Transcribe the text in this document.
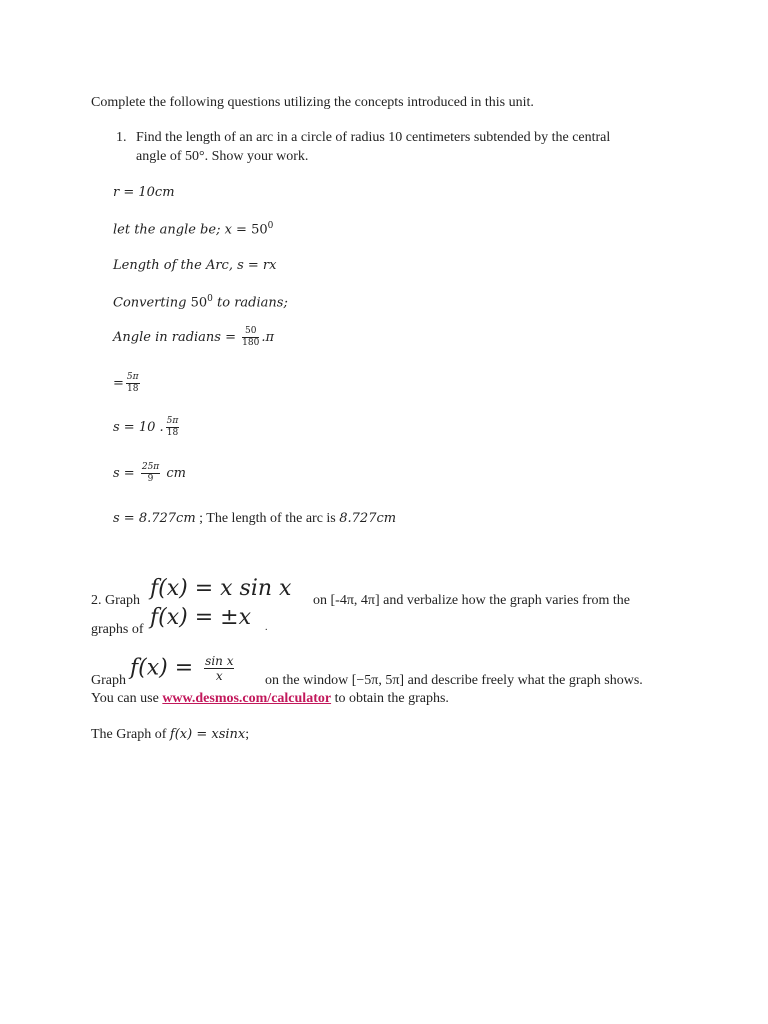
Complete the following questions utilizing the concepts introduced in this unit.
1. Find the length of an arc in a circle of radius 10 centimeters subtended by the central
angle of 50°. Show your work.
r = 10cm
let the angle be; $x = 50^0$
Length of the Arc, s = rx
Converting $50^0$ to radians;
Angle in radians = $\frac{50}{180} .\pi$
= $\frac{5\pi}{18}$
s = 10 . $\frac{5\pi}{18}$
$s = \frac{25\pi}{9}$ cm
s = 8.727cm ; The length of the arc is 8.727cm
2. Graph f(x) = x sin x on [-4π, 4π] and verbalize how the graph varies from the
graphs of f(x) = ±x .
Graph $f(x) = \frac{\text{sin x}}{x}$ on the window [−5π, 5π] and describe freely what the graph shows.
You can use www.desmos.com/calculator to obtain the graphs.
The Graph of f(x) = xsinx;
